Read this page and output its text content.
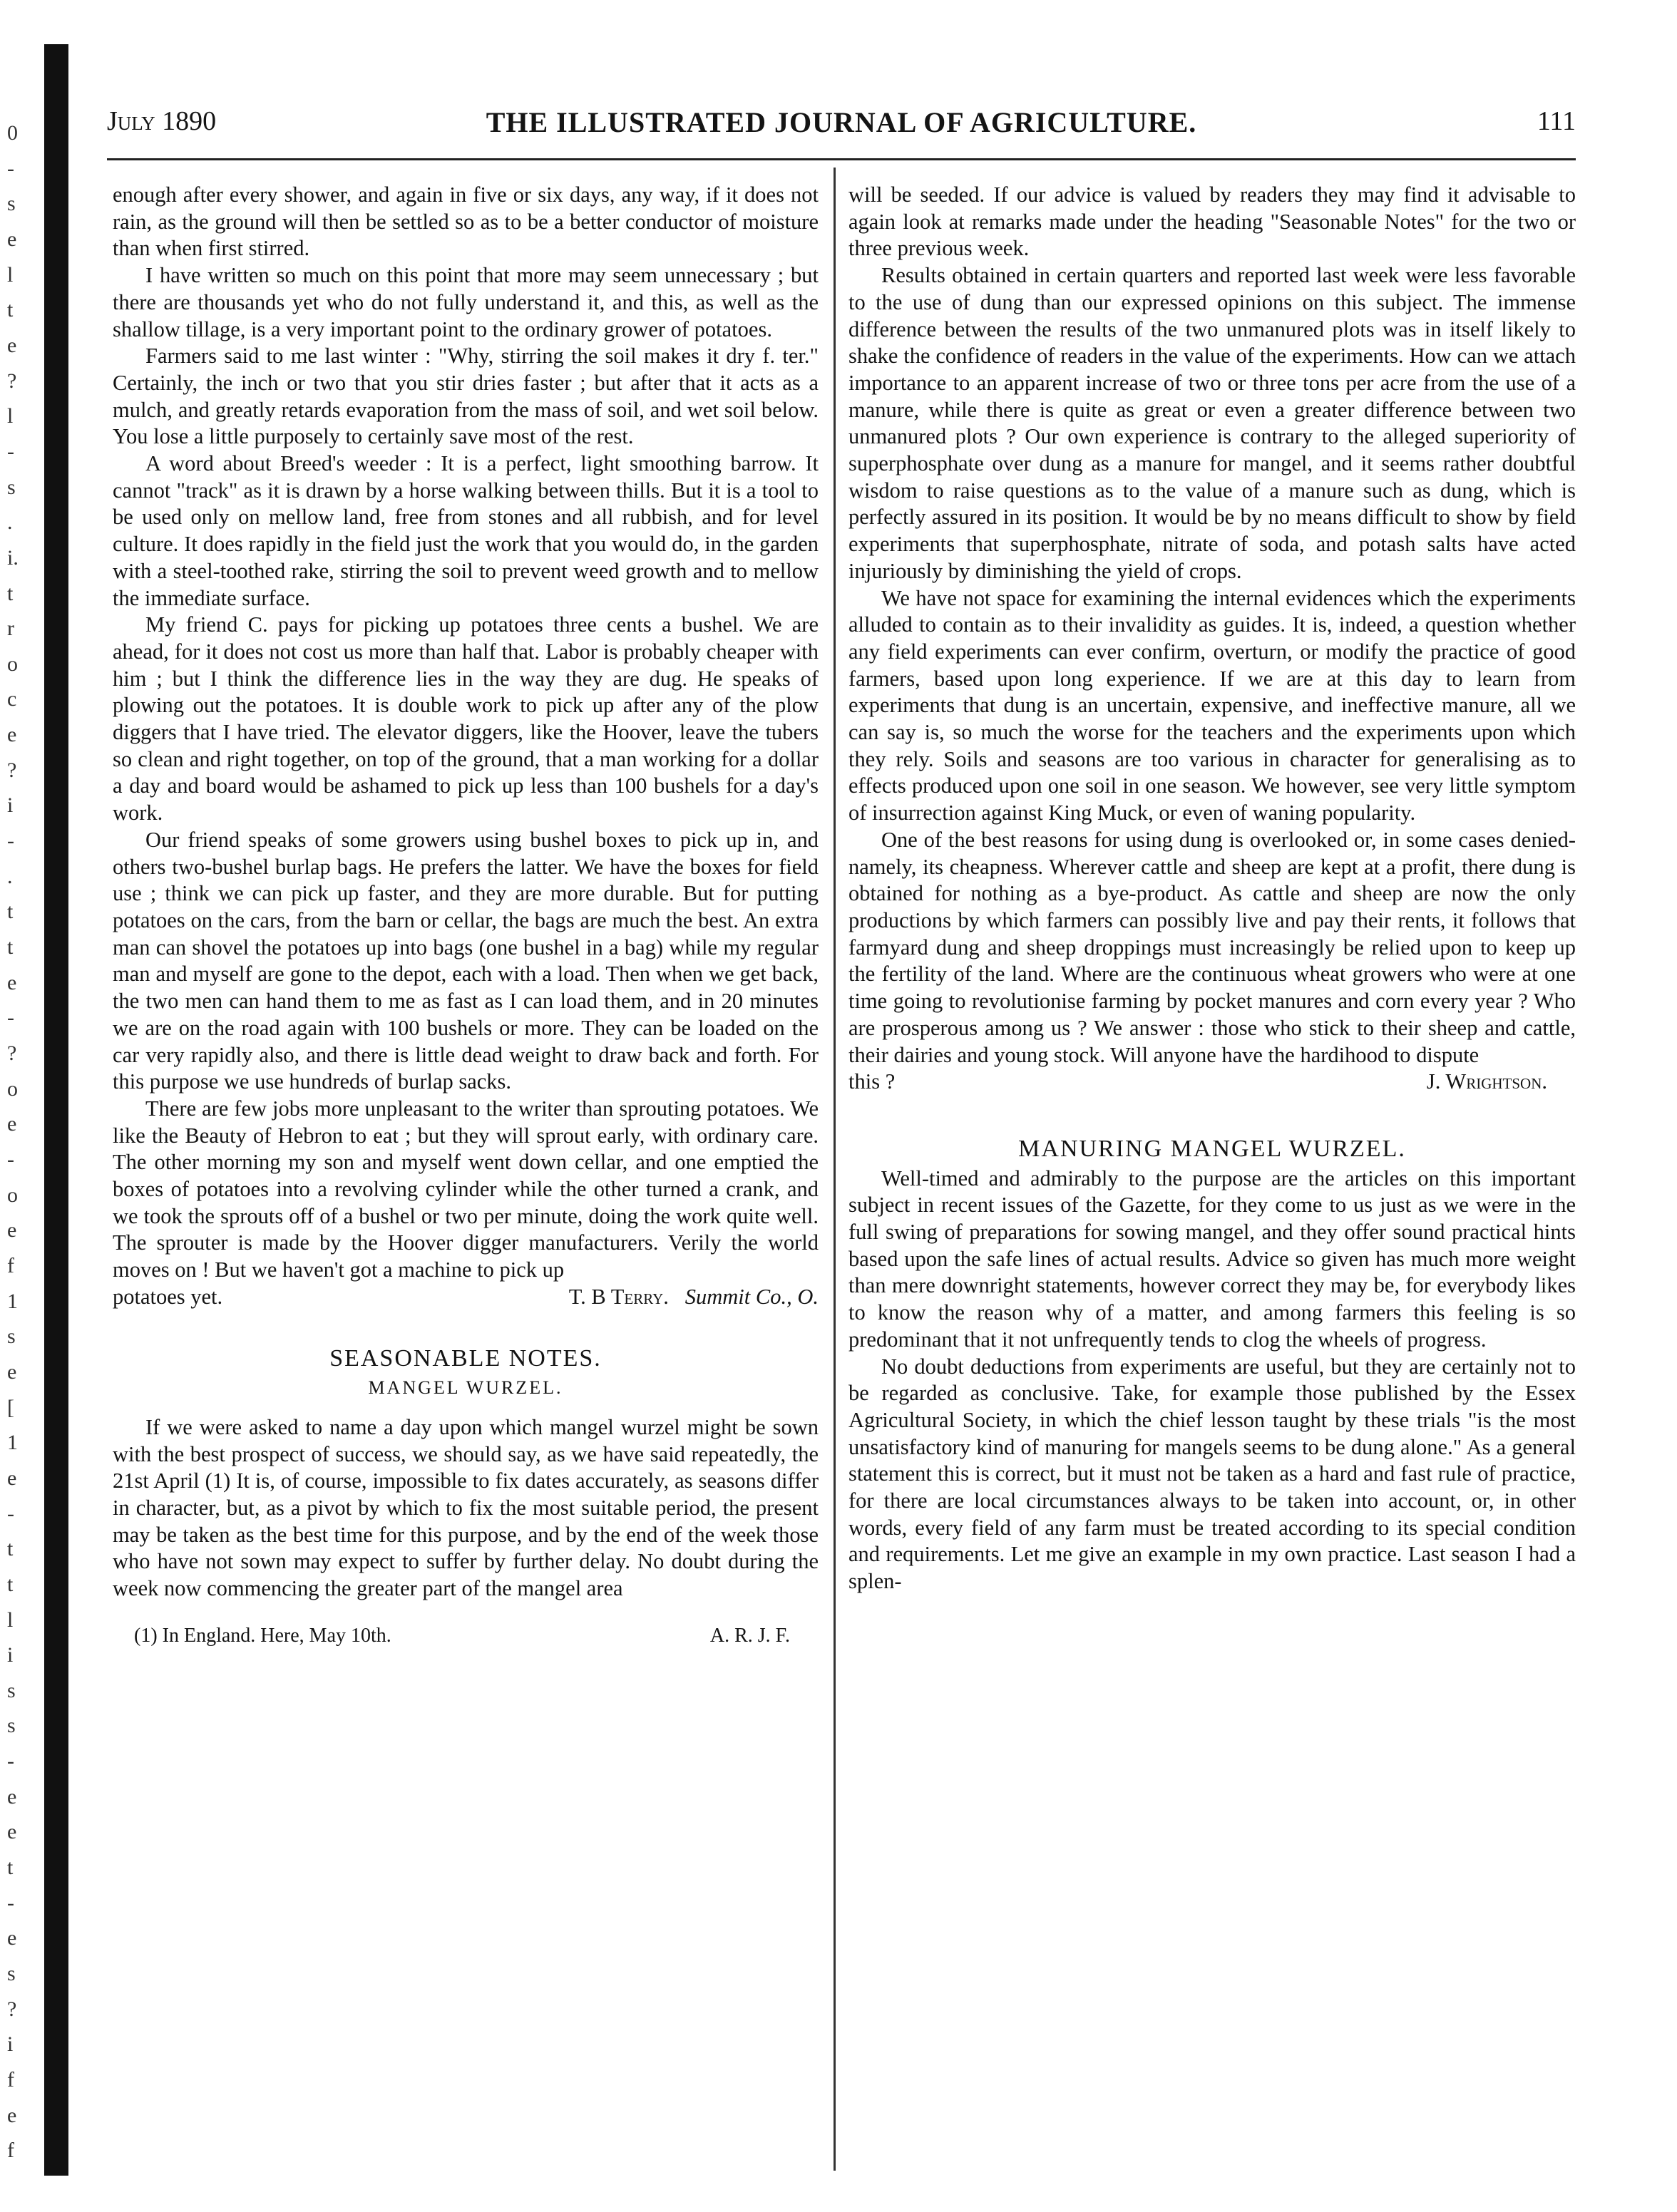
0
-
s
e
l
t
e
?
l
-
s
.
i.
t
r
o
c
e
?
i
-
.
t
t
e
-
?
o
e
-
o
e
f
1
s
e
[
1
e
-
t
t
l
i
s
s
-
e
e
t
-
e
s
?
i
f
e
f
July 1890	THE ILLUSTRATED JOURNAL OF AGRICULTURE.	111

enough after every shower, and again in five or six days, any way, if it does not rain, as the ground will then be settled so as to be a better conductor of moisture than when first stirred.

I have written so much on this point that more may seem unnecessary ; but there are thousands yet who do not fully understand it, and this, as well as the shallow tillage, is a very important point to the ordinary grower of potatoes.

Farmers said to me last winter : "Why, stirring the soil makes it dry f. ter." Certainly, the inch or two that you stir dries faster ; but after that it acts as a mulch, and greatly retards evaporation from the mass of soil, and wet soil below. You lose a little purposely to certainly save most of the rest.

A word about Breed's weeder : It is a perfect, light smoothing barrow. It cannot "track" as it is drawn by a horse walking between thills. But it is a tool to be used only on mellow land, free from stones and all rubbish, and for level culture. It does rapidly in the field just the work that you would do, in the garden with a steel-toothed rake, stirring the soil to prevent weed growth and to mellow the immediate surface.

My friend C. pays for picking up potatoes three cents a bushel. We are ahead, for it does not cost us more than half that. Labor is probably cheaper with him ; but I think the difference lies in the way they are dug. He speaks of plowing out the potatoes. It is double work to pick up after any of the plow diggers that I have tried. The elevator diggers, like the Hoover, leave the tubers so clean and right together, on top of the ground, that a man working for a dollar a day and board would be ashamed to pick up less than 100 bushels for a day's work.

Our friend speaks of some growers using bushel boxes to pick up in, and others two-bushel burlap bags. He prefers the latter. We have the boxes for field use ; think we can pick up faster, and they are more durable. But for putting potatoes on the cars, from the barn or cellar, the bags are much the best. An extra man can shovel the potatoes up into bags (one bushel in a bag) while my regular man and myself are gone to the depot, each with a load. Then when we get back, the two men can hand them to me as fast as I can load them, and in 20 minutes we are on the road again with 100 bushels or more. They can be loaded on the car very rapidly also, and there is little dead weight to draw back and forth. For this purpose we use hundreds of burlap sacks.

There are few jobs more unpleasant to the writer than sprouting potatoes. We like the Beauty of Hebron to eat ; but they will sprout early, with ordinary care. The other morning my son and myself went down cellar, and one emptied the boxes of potatoes into a revolving cylinder while the other turned a crank, and we took the sprouts off of a bushel or two per minute, doing the work quite well. The sprouter is made by the Hoover digger manufacturers. Verily the world moves on ! But we haven't got a machine to pick up

potatoes yet.	T. B Terry. Summit Co., O.
SEASONABLE NOTES.
MANGEL WURZEL.

If we were asked to name a day upon which mangel wurzel might be sown with the best prospect of success, we should say, as we have said repeatedly, the 21st April (1) It is, of course, impossible to fix dates accurately, as seasons differ in character, but, as a pivot by which to fix the most suitable period, the present may be taken as the best time for this purpose, and by the end of the week those who have not sown may expect to suffer by further delay. No doubt during the week now commencing the greater part of the mangel area

(1) In England. Here, May 10th.	A. R. J. F.

will be seeded. If our advice is valued by readers they may find it advisable to again look at remarks made under the heading "Seasonable Notes" for the two or three previous week.

Results obtained in certain quarters and reported last week were less favorable to the use of dung than our expressed opinions on this subject. The immense difference between the results of the two unmanured plots was in itself likely to shake the confidence of readers in the value of the experiments. How can we attach importance to an apparent increase of two or three tons per acre from the use of a manure, while there is quite as great or even a greater difference between two unmanured plots ? Our own experience is contrary to the alleged superiority of superphosphate over dung as a manure for mangel, and it seems rather doubtful wisdom to raise questions as to the value of a manure such as dung, which is perfectly assured in its position. It would be by no means difficult to show by field experiments that superphosphate, nitrate of soda, and potash salts have acted injuriously by diminishing the yield of crops.

We have not space for examining the internal evidences which the experiments alluded to contain as to their invalidity as guides. It is, indeed, a question whether any field experiments can ever confirm, overturn, or modify the practice of good farmers, based upon long experience. If we are at this day to learn from experiments that dung is an uncertain, expensive, and ineffective manure, all we can say is, so much the worse for the teachers and the experiments upon which they rely. Soils and seasons are too various in character for generalising as to effects produced upon one soil in one season. We however, see very little symptom of insurrection against King Muck, or even of waning popularity.

One of the best reasons for using dung is overlooked or, in some cases denied-namely, its cheapness. Wherever cattle and sheep are kept at a profit, there dung is obtained for nothing as a bye-product. As cattle and sheep are now the only productions by which farmers can possibly live and pay their rents, it follows that farmyard dung and sheep droppings must increasingly be relied upon to keep up the fertility of the land. Where are the continuous wheat growers who were at one time going to revolutionise farming by pocket manures and corn every year ? Who are prosperous among us ? We answer : those who stick to their sheep and cattle, their dairies and young stock. Will anyone have the hardihood to dispute

this ?	J. Wrightson.
MANURING MANGEL WURZEL.

Well-timed and admirably to the purpose are the articles on this important subject in recent issues of the Gazette, for they come to us just as we were in the full swing of preparations for sowing mangel, and they offer sound practical hints based upon the safe lines of actual results. Advice so given has much more weight than mere downright statements, however correct they may be, for everybody likes to know the reason why of a matter, and among farmers this feeling is so predominant that it not unfrequently tends to clog the wheels of progress.

No doubt deductions from experiments are useful, but they are certainly not to be regarded as conclusive. Take, for example those published by the Essex Agricultural Society, in which the chief lesson taught by these trials "is the most unsatisfactory kind of manuring for mangels seems to be dung alone." As a general statement this is correct, but it must not be taken as a hard and fast rule of practice, for there are local circumstances always to be taken into account, or, in other words, every field of any farm must be treated according to its special condition and requirements. Let me give an example in my own practice. Last season I had a splen-
